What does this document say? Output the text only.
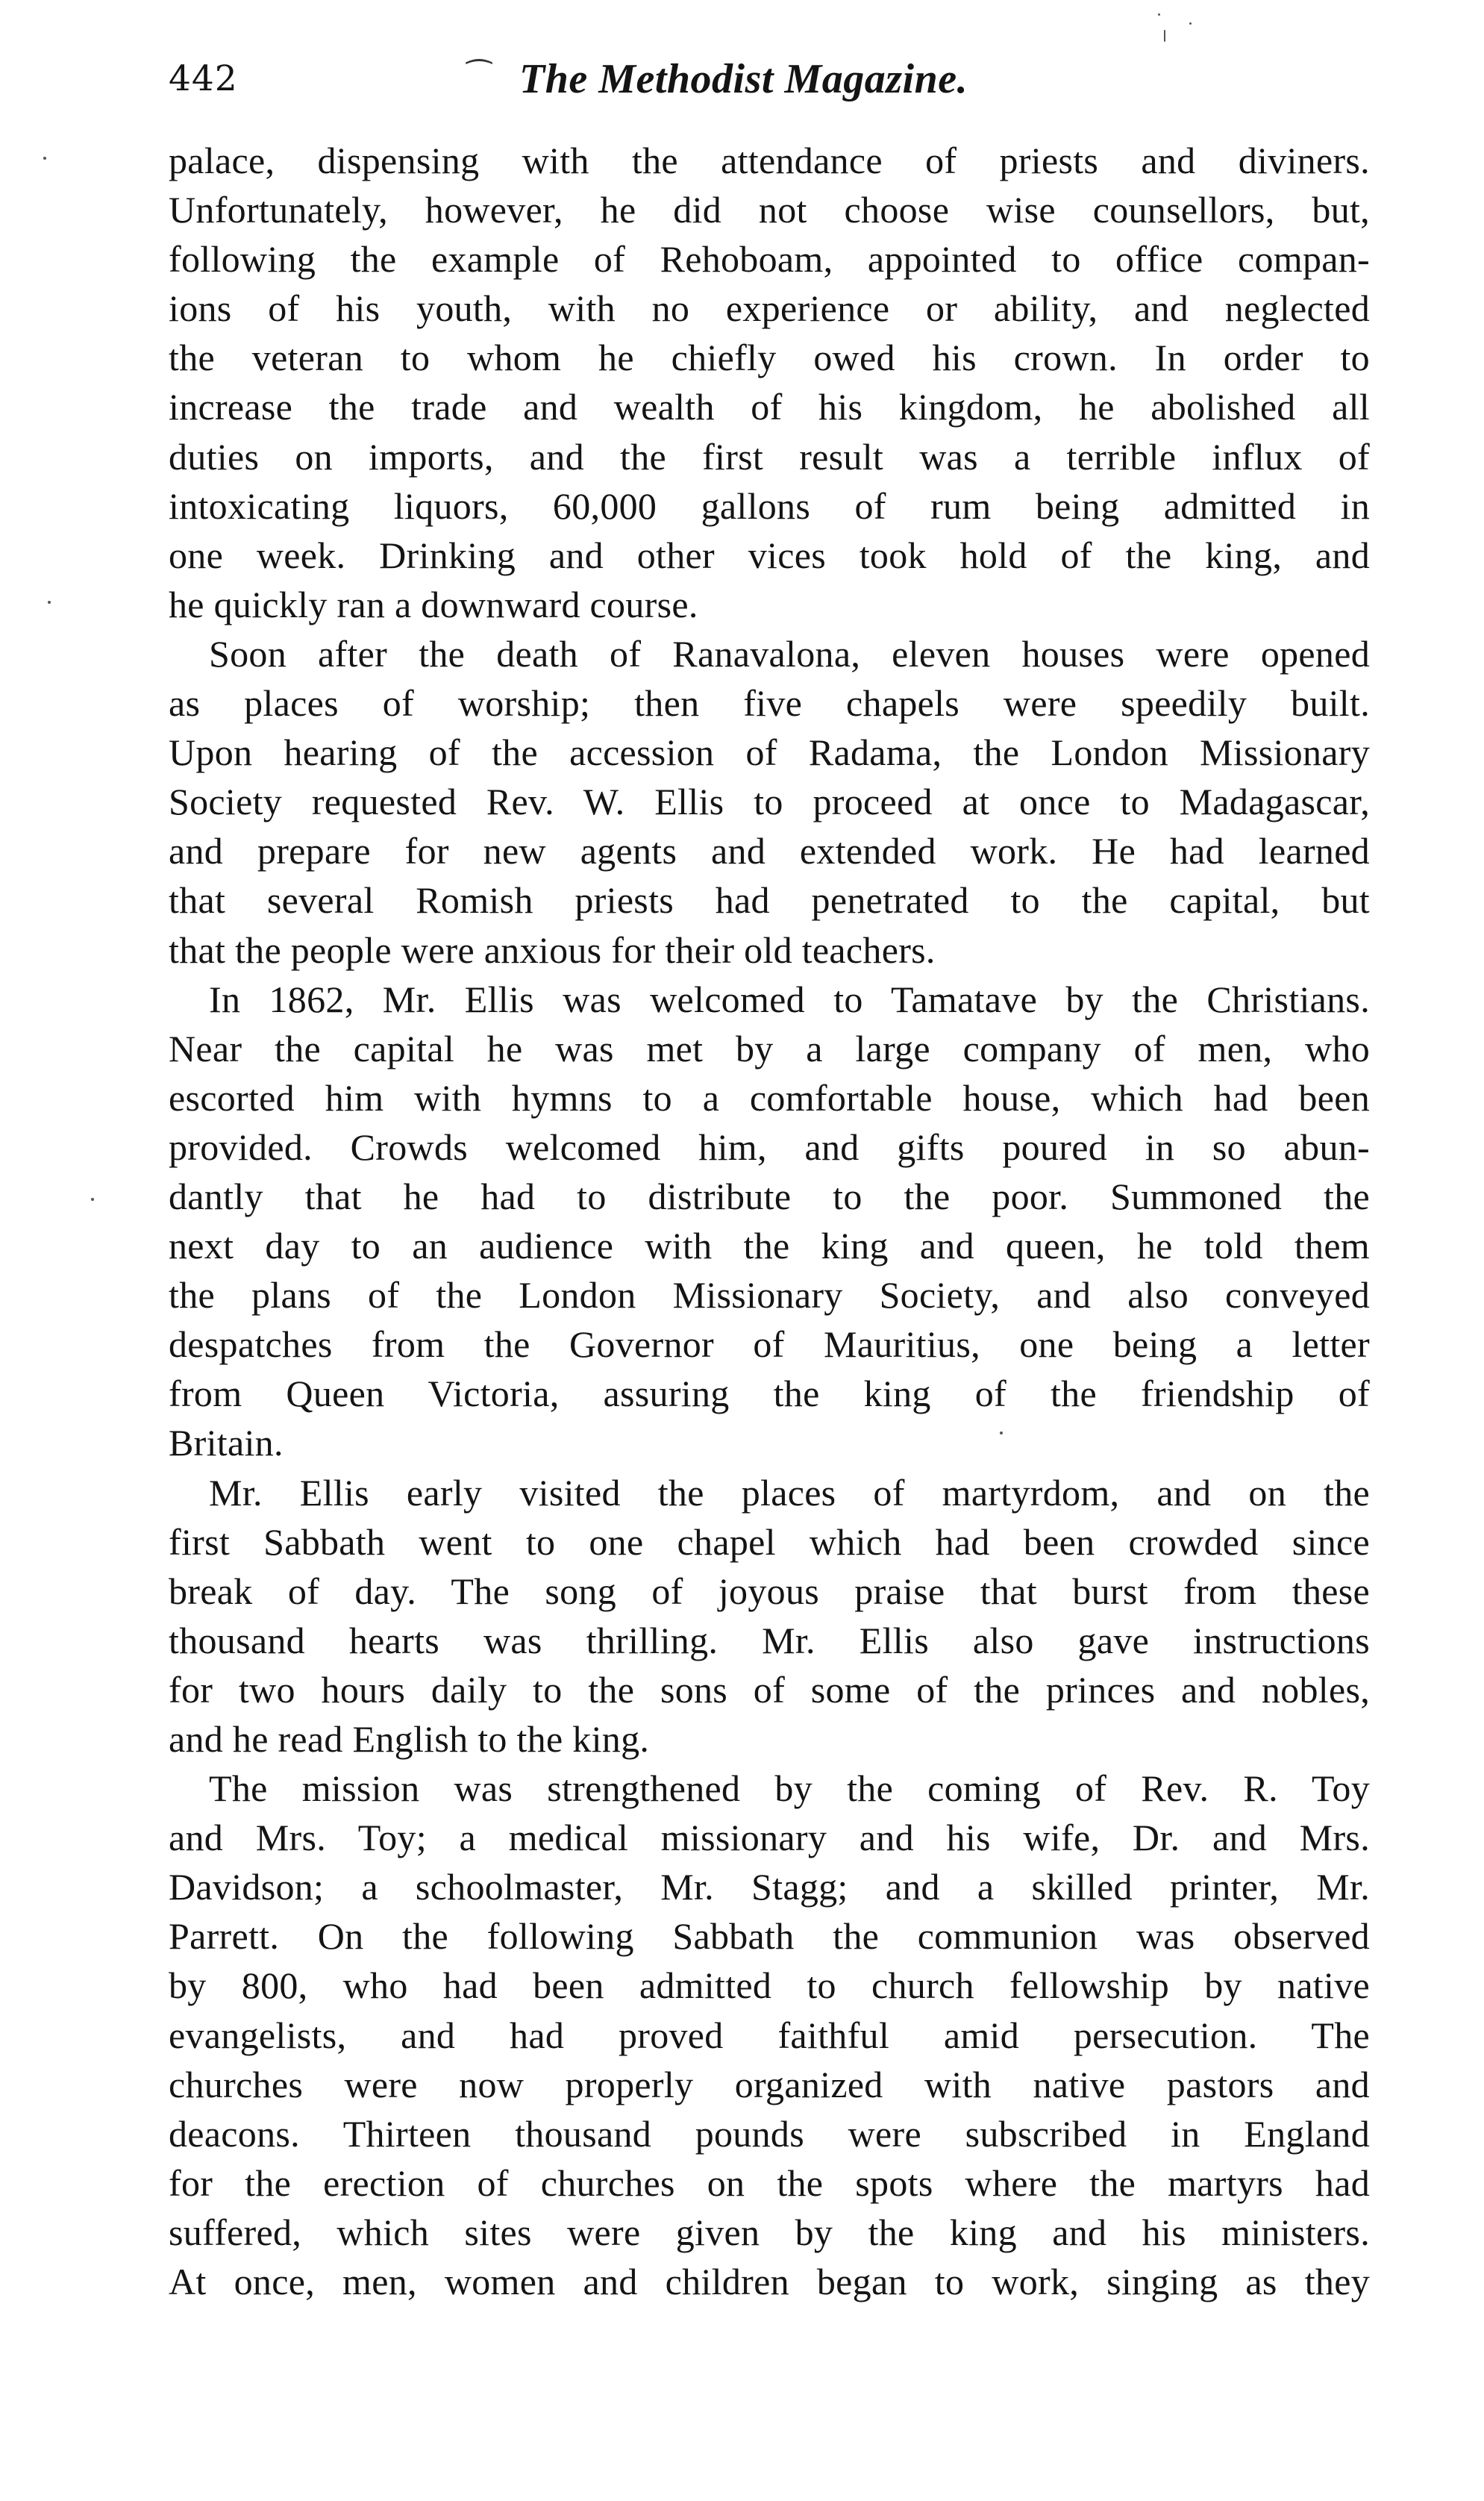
442	⁀ The Methodist Magazine.
palace, dispensing with the attendance of priests and diviners.
Unfortunately, however, he did not choose wise counsellors, but,
following the example of Rehoboam, appointed to office compan-
ions of his youth, with no experience or ability, and neglected
the veteran to whom he chiefly owed his crown. In order to
increase the trade and wealth of his kingdom, he abolished all
duties on imports, and the first result was a terrible influx of
intoxicating liquors, 60,000 gallons of rum being admitted in
one week. Drinking and other vices took hold of the king, and
he quickly ran a downward course.
Soon after the death of Ranavalona, eleven houses were opened
as places of worship; then five chapels were speedily built.
Upon hearing of the accession of Radama, the London Missionary
Society requested Rev. W. Ellis to proceed at once to Madagascar,
and prepare for new agents and extended work. He had learned
that several Romish priests had penetrated to the capital, but
that the people were anxious for their old teachers.
In 1862, Mr. Ellis was welcomed to Tamatave by the Christians.
Near the capital he was met by a large company of men, who
escorted him with hymns to a comfortable house, which had been
provided. Crowds welcomed him, and gifts poured in so abun-
dantly that he had to distribute to the poor. Summoned the
next day to an audience with the king and queen, he told them
the plans of the London Missionary Society, and also conveyed
despatches from the Governor of Mauritius, one being a letter
from Queen Victoria, assuring the king of the friendship of
Britain.
Mr. Ellis early visited the places of martyrdom, and on the
first Sabbath went to one chapel which had been crowded since
break of day. The song of joyous praise that burst from these
thousand hearts was thrilling. Mr. Ellis also gave instructions
for two hours daily to the sons of some of the princes and nobles,
and he read English to the king.
The mission was strengthened by the coming of Rev. R. Toy
and Mrs. Toy; a medical missionary and his wife, Dr. and Mrs.
Davidson; a schoolmaster, Mr. Stagg; and a skilled printer, Mr.
Parrett. On the following Sabbath the communion was observed
by 800, who had been admitted to church fellowship by native
evangelists, and had proved faithful amid persecution. The
churches were now properly organized with native pastors and
deacons. Thirteen thousand pounds were subscribed in England
for the erection of churches on the spots where the martyrs had
suffered, which sites were given by the king and his ministers.
At once, men, women and children began to work, singing as they
